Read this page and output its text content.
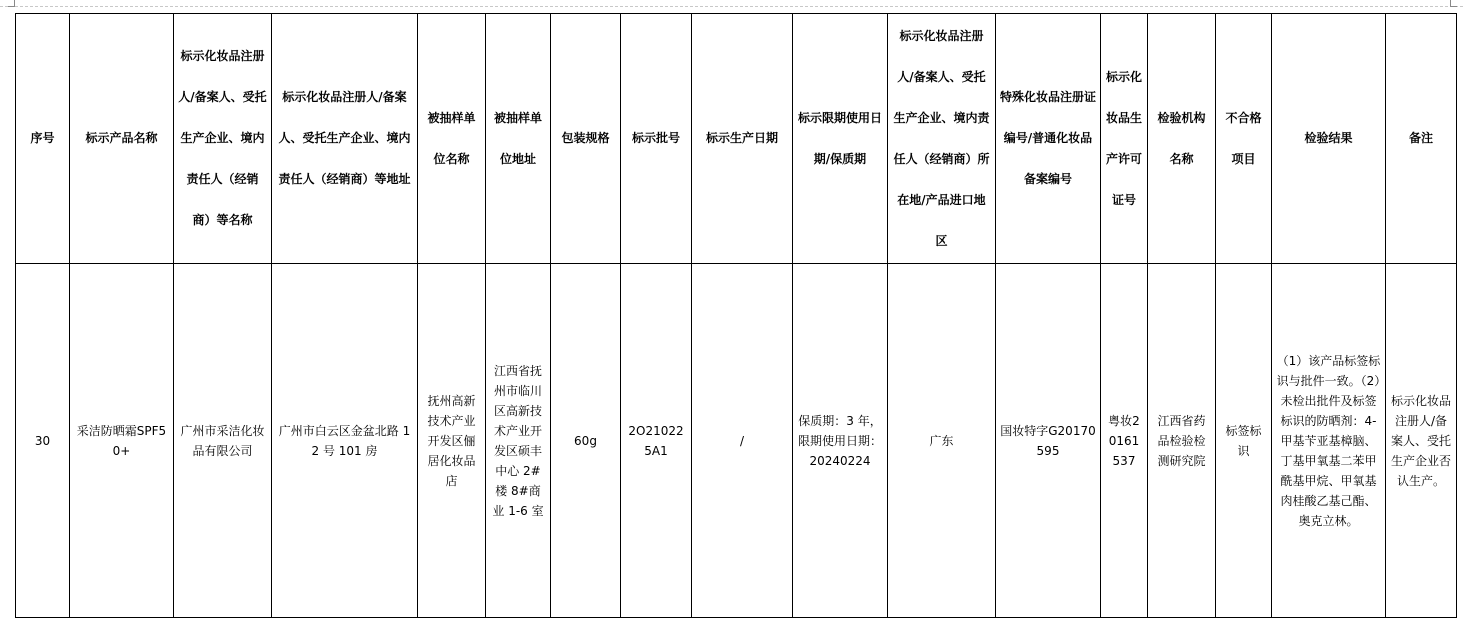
序号	标示产品名称	标示化妆品注册人/备案人、受托生产企业、境内责任人（经销商）等名称	标示化妆品注册人/备案人、受托生产企业、境内责任人（经销商）等地址	被抽样单位名称	被抽样单位地址	包装规格	标示批号	标示生产日期	标示限期使用日期/保质期	标示化妆品注册人/备案人、受托生产企业、境内责任人（经销商）所在地/产品进口地区	特殊化妆品注册证编号/普通化妆品备案编号	标示化妆品生产许可证号	检验机构名称	不合格项目	检验结果	备注
30	采洁防晒霜SPF50+	广州市采洁化妆品有限公司	广州市白云区金盆北路 12 号 101 房	抚州高新技术产业开发区俪居化妆品店	江西省抚州市临川区高新技术产业开发区硕丰中心 2#楼 8#商业 1-6 室	60g	2O210225A1	/	保质期：3 年，限期使用日期：20240224	广东	国妆特字G20170595	粤妆20161537	江西省药品检验检测研究院	标签标识	（1）该产品标签标识与批件一致。（2）未检出批件及标签标识的防晒剂：4-甲基苄亚基樟脑、丁基甲氧基二苯甲酰基甲烷、甲氧基肉桂酸乙基己酯、奥克立林。	标示化妆品注册人/备案人、受托生产企业否认生产。
